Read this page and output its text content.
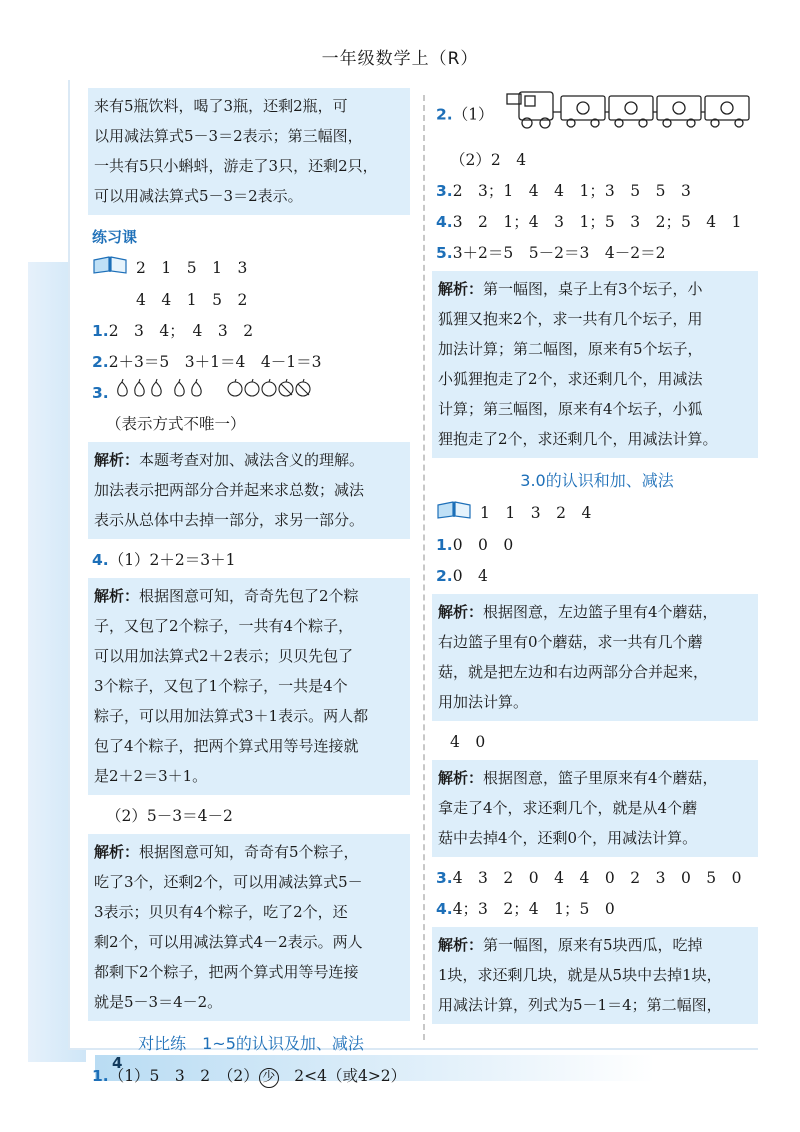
4
一年级数学上（R）
来有5瓶饮料，喝了3瓶，还剩2瓶，可
以用减法算式5－3＝2表示；第三幅图，
一共有5只小蝌蚪，游走了3只，还剩2只，
可以用减法算式5－3＝2表示。
练习课
2　1　5　1　3
4　4　1　5　2
1.2　3　4；　4　3　2
2.2＋3＝5　3＋1＝4　4－1＝3
3.
（表示方式不唯一）
解析：本题考查对加、减法含义的理解。
加法表示把两部分合并起来求总数；减法
表示从总体中去掉一部分，求另一部分。
4.（1）2＋2＝3＋1
解析：根据图意可知，奇奇先包了2个粽
子，又包了2个粽子，一共有4个粽子，
可以用加法算式2＋2表示；贝贝先包了
3个粽子，又包了1个粽子，一共是4个
粽子，可以用加法算式3＋1表示。两人都
包了4个粽子，把两个算式用等号连接就
是2＋2＝3＋1。
（2）5－3＝4－2
解析：根据图意可知，奇奇有5个粽子，
吃了3个，还剩2个，可以用减法算式5－
3表示；贝贝有4个粽子，吃了2个，还
剩2个，可以用减法算式4－2表示。两人
都剩下2个粽子，把两个算式用等号连接
就是5－3＝4－2。
对比练　1~5的认识及加、减法
1.（1）5　3　2　（2） 少　2<4（或4>2）
2.（1）
（2）2　4
3.2　3；1　4　4　1；3　5　5　3
4.3　2　1；4　3　1；5　3　2；5　4　1
5.3＋2＝5　5－2＝3　4－2＝2
解析：第一幅图，桌子上有3个坛子，小
狐狸又抱来2个，求一共有几个坛子，用
加法计算；第二幅图，原来有5个坛子，
小狐狸抱走了2个，求还剩几个，用减法
计算；第三幅图，原来有4个坛子，小狐
狸抱走了2个，求还剩几个，用减法计算。
3.0的认识和加、减法
1　1　3　2　4
1.0　0　0
2.0　4
解析：根据图意，左边篮子里有4个蘑菇，
右边篮子里有0个蘑菇，求一共有几个蘑
菇，就是把左边和右边两部分合并起来，
用加法计算。
4　0
解析：根据图意，篮子里原来有4个蘑菇，
拿走了4个，求还剩几个，就是从4个蘑
菇中去掉4个，还剩0个，用减法计算。
3.4　3　2　0　4　4　0　2　3　0　5　0
4.4；3　2；4　1；5　0
解析：第一幅图，原来有5块西瓜，吃掉
1块，求还剩几块，就是从5块中去掉1块，
用减法计算，列式为5－1＝4；第二幅图，
